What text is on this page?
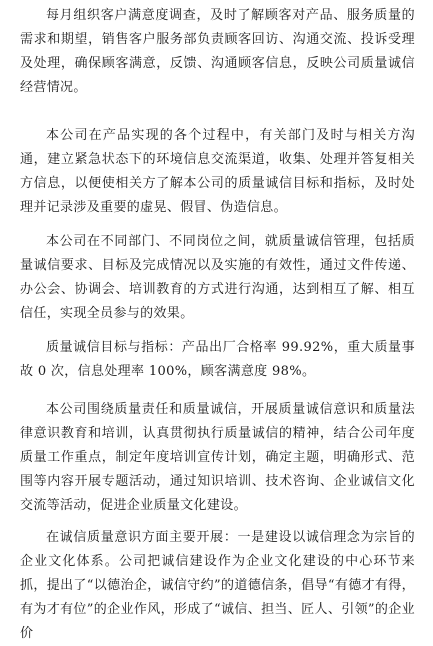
每月组织客户满意度调查，及时了解顾客对产品、服务质量的需求和期望，销售客户服务部负责顾客回访、沟通交流、投诉受理及处理，确保顾客满意，反馈、沟通顾客信息，反映公司质量诚信经营情况。

本公司在产品实现的各个过程中，有关部门及时与相关方沟通，建立紧急状态下的环境信息交流渠道，收集、处理并答复相关方信息，以便使相关方了解本公司的质量诚信目标和指标，及时处理并记录涉及重要的虚晃、假冒、伪造信息。

本公司在不同部门、不同岗位之间，就质量诚信管理，包括质量诚信要求、目标及完成情况以及实施的有效性，通过文件传递、办公会、协调会、培训教育的方式进行沟通，达到相互了解、相互信任，实现全员参与的效果。

质量诚信目标与指标：产品出厂合格率 99.92%，重大质量事故 0 次，信息处理率 100%，顾客满意度 98%。

本公司围绕质量责任和质量诚信，开展质量诚信意识和质量法律意识教育和培训，认真贯彻执行质量诚信的精神，结合公司年度质量工作重点，制定年度培训宣传计划，确定主题，明确形式、范围等内容开展专题活动，通过知识培训、技术咨询、企业诚信文化交流等活动，促进企业质量文化建设。

在诚信质量意识方面主要开展：一是建设以诚信理念为宗旨的企业文化体系。公司把诚信建设作为企业文化建设的中心环节来抓，提出了“以德治企，诚信守约”的道德信条，倡导“有德才有得，有为才有位”的企业作风，形成了“诚信、担当、匠人、引领”的企业价
